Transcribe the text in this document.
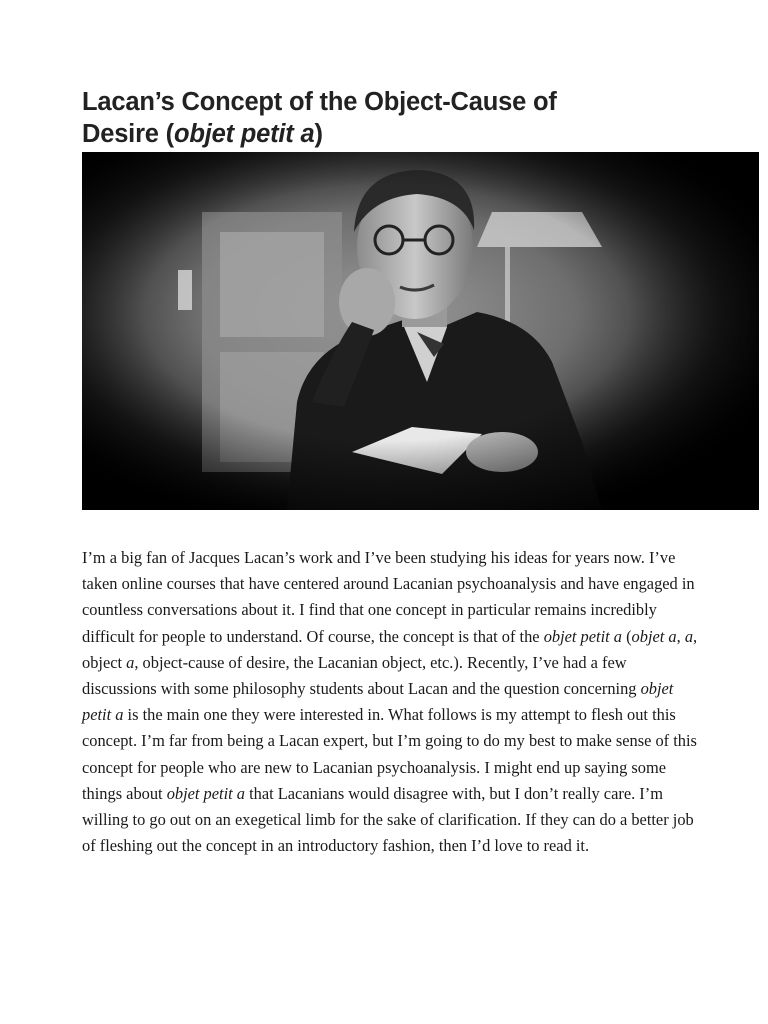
Lacan’s Concept of the Object-Cause of
Desire (objet petit a)

I’m a big fan of Jacques Lacan’s work and I’ve been studying his ideas for years now. I’ve taken online courses that have centered around Lacanian psychoanalysis and have engaged in countless conversations about it. I find that one concept in particular remains incredibly difficult for people to understand. Of course, the concept is that of the objet petit a (objet a, a, object a, object-cause of desire, the Lacanian object, etc.). Recently, I’ve had a few discussions with some philosophy students about Lacan and the question concerning objet petit a is the main one they were interested in. What follows is my attempt to flesh out this concept. I’m far from being a Lacan expert, but I’m going to do my best to make sense of this concept for people who are new to Lacanian psychoanalysis. I might end up saying some things about objet petit a that Lacanians would disagree with, but I don’t really care. I’m willing to go out on an exegetical limb for the sake of clarification. If they can do a better job of fleshing out the concept in an introductory fashion, then I’d love to read it.
